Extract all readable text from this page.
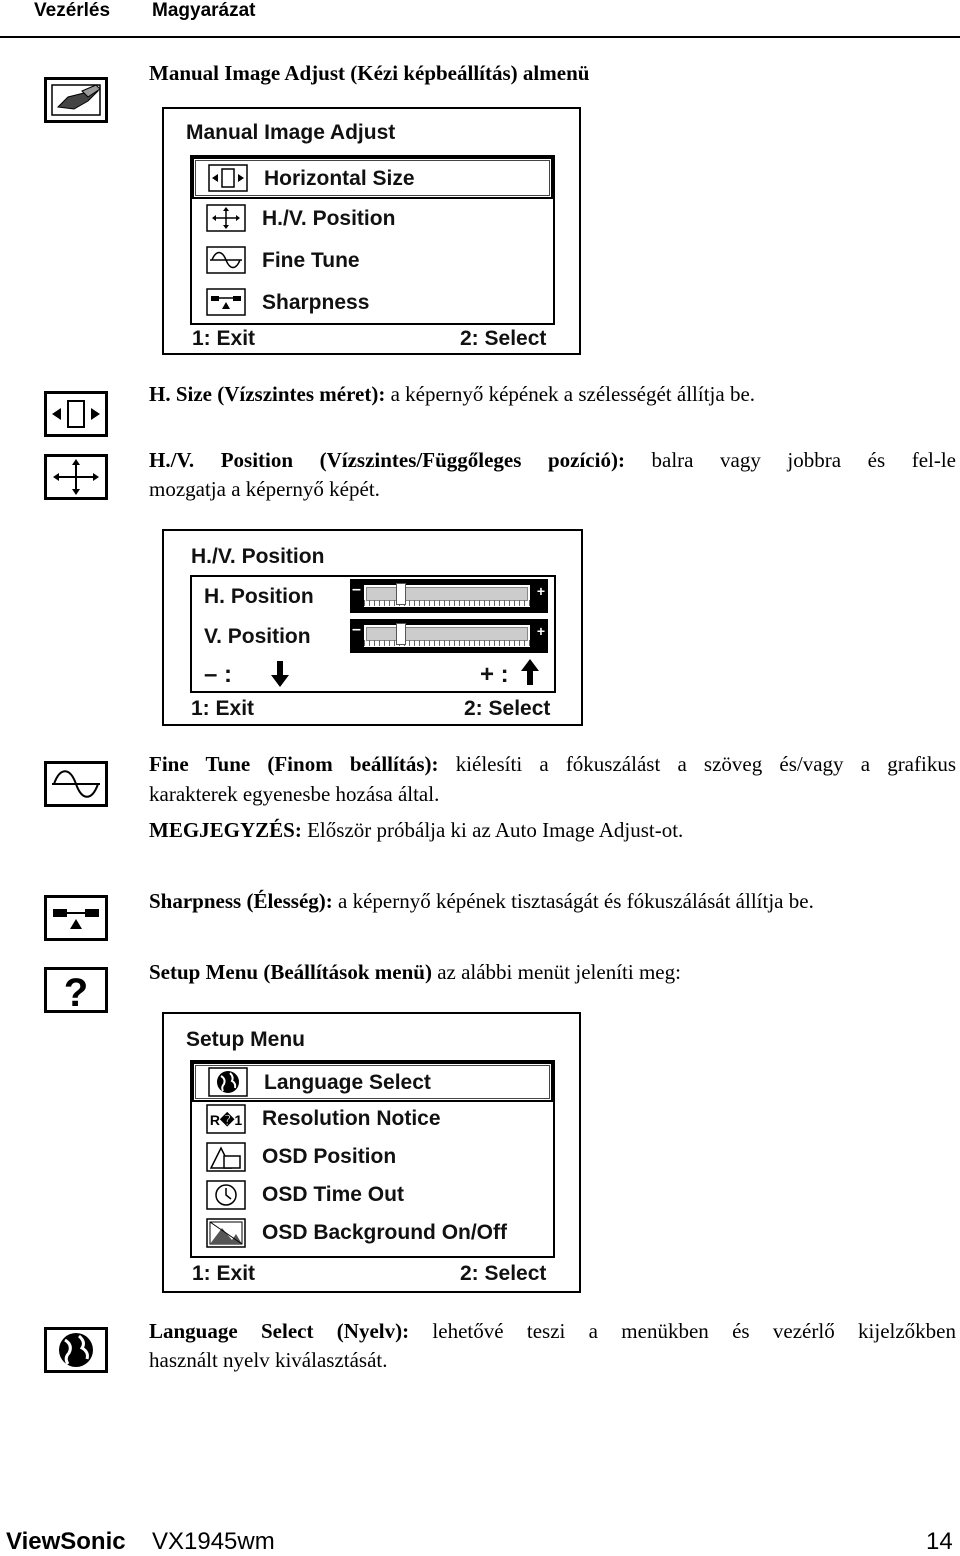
Vezérlés Magyarázat
Manual Image Adjust (Kézi képbeállítás) almenü
Manual Image Adjust
Horizontal Size
H./V. Position
Fine Tune
Sharpness
1: Exit	2: Select
H. Size (Vízszintes méret): a képernyő képének a szélességét állítja be.
H./V. Position (Vízszintes/Függőleges pozíció): balra vagy jobbra és fel-le
mozgatja a képernyő képét.
H./V. Position
H. Position
V. Position
–	+
–	+
– :	+ :
1: Exit	2: Select
Fine Tune (Finom beállítás): kiélesíti a fókuszálást a szöveg és/vagy a grafikus
karakterek egyenesbe hozása által.
MEGJEGYZÉS: Először próbálja ki az Auto Image Adjust-ot.
Sharpness (Élesség): a képernyő képének tisztaságát és fókuszálását állítja be.
?	Setup Menu (Beállítások menü) az alábbi menüt jeleníti meg:
Setup Menu
Language Select
R�1 Resolution Notice
OSD Position
OSD Time Out
OSD Background On/Off
1: Exit	2: Select
Language Select (Nyelv): lehetővé teszi a menükben és vezérlő kijelzőkben
használt nyelv kiválasztását.
ViewSonic VX1945wm	14
